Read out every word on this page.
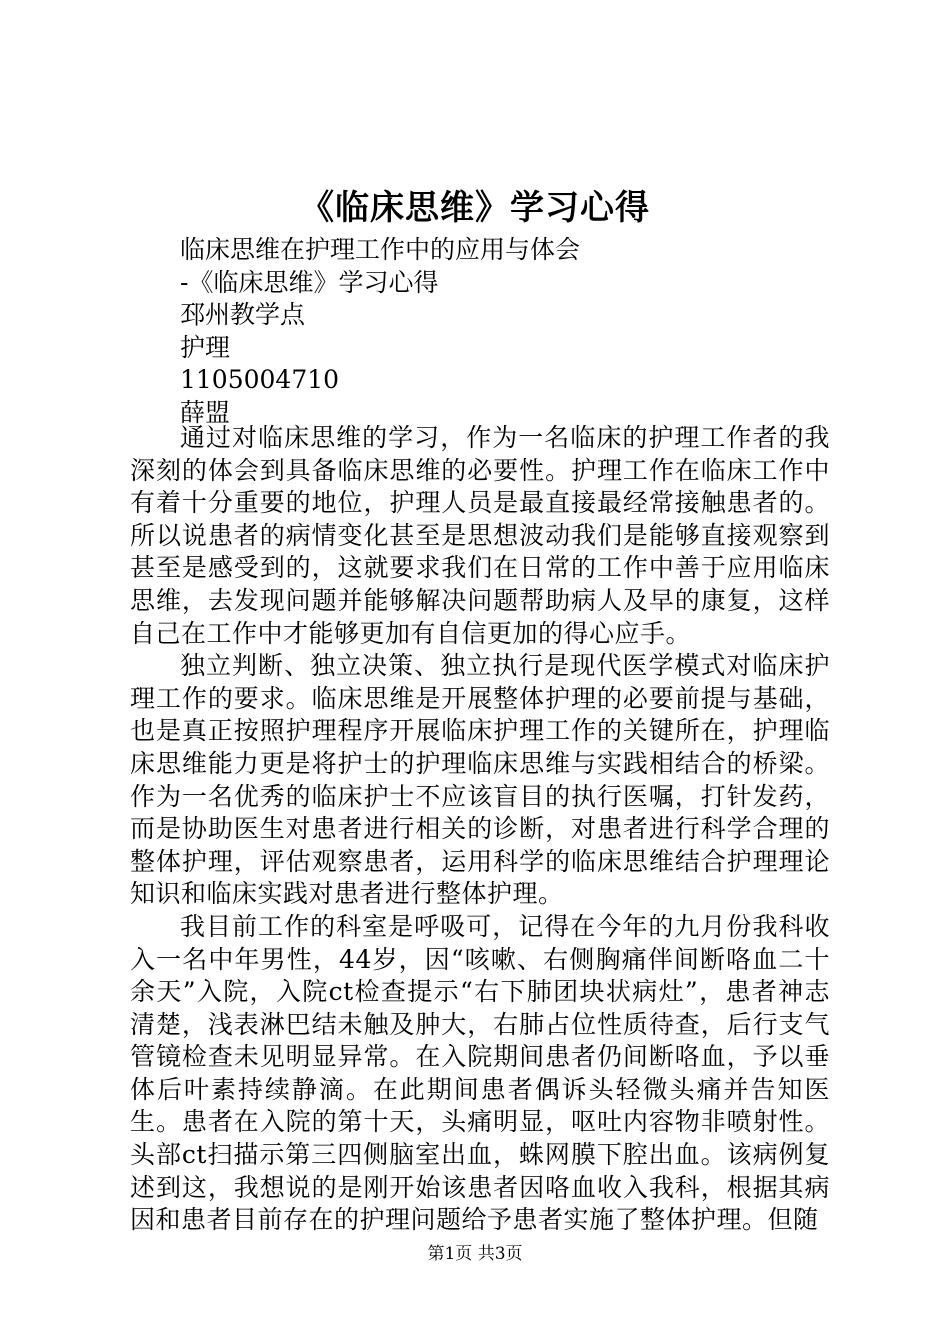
《临床思维》学习心得
临床思维在护理工作中的应用与体会
-《临床思维》学习心得
邳州教学点
护理
1105004710
薛盟

通过对临床思维的学习，作为一名临床的护理工作者的我深刻的体会到具备临床思维的必要性。护理工作在临床工作中有着十分重要的地位，护理人员是最直接最经常接触患者的。所以说患者的病情变化甚至是思想波动我们是能够直接观察到甚至是感受到的，这就要求我们在日常的工作中善于应用临床思维，去发现问题并能够解决问题帮助病人及早的康复，这样自己在工作中才能够更加有自信更加的得心应手。

独立判断、独立决策、独立执行是现代医学模式对临床护理工作的要求。临床思维是开展整体护理的必要前提与基础，也是真正按照护理程序开展临床护理工作的关键所在，护理临床思维能力更是将护士的护理临床思维与实践相结合的桥梁。作为一名优秀的临床护士不应该盲目的执行医嘱，打针发药，而是协助医生对患者进行相关的诊断，对患者进行科学合理的整体护理，评估观察患者，运用科学的临床思维结合护理理论知识和临床实践对患者进行整体护理。

我目前工作的科室是呼吸可，记得在今年的九月份我科收入一名中年男性，44岁，因“咳嗽、右侧胸痛伴间断咯血二十余天”入院，入院ct检查提示“右下肺团块状病灶”，患者神志清楚，浅表淋巴结未触及肿大，右肺占位性质待查，后行支气管镜检查未见明显异常。在入院期间患者仍间断咯血，予以垂体后叶素持续静滴。在此期间患者偶诉头轻微头痛并告知医生。患者在入院的第十天，头痛明显，呕吐内容物非喷射性。头部ct扫描示第三四侧脑室出血，蛛网膜下腔出血。该病例复述到这，我想说的是刚开始该患者因咯血收入我科，根据其病因和患者目前存在的护理问题给予患者实施了整体护理。但随

第1页 共3页
